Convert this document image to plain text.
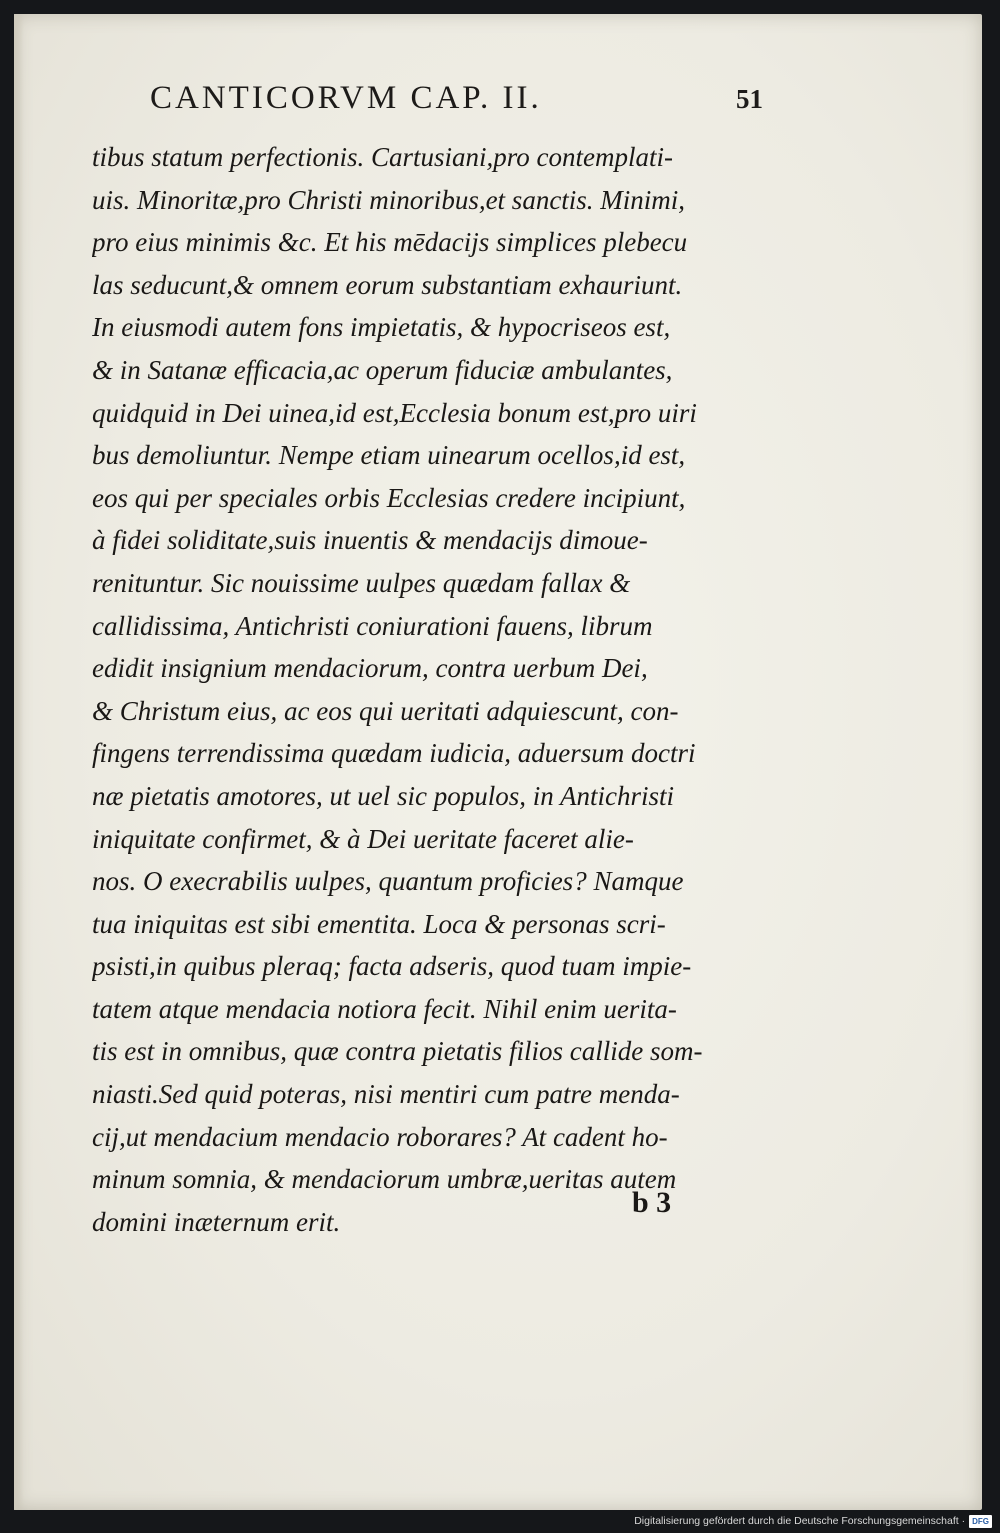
CANTICORVM CAP. II.	51
tibus statum perfectionis. Cartusiani,pro contemplati-
uis. Minoritæ,pro Christi minoribus,et sanctis. Minimi,
pro eius minimis &c. Et his mēdacijs simplices plebecu
las seducunt,& omnem eorum substantiam exhauriunt.
In eiusmodi autem fons impietatis, & hypocriseos est,
& in Satanæ efficacia,ac operum fiduciæ ambulantes,
quidquid in Dei uinea,id est,Ecclesia bonum est,pro uiri
bus demoliuntur. Nempe etiam uinearum ocellos,id est,
eos qui per speciales orbis Ecclesias credere incipiunt,
à fidei soliditate,suis inuentis & mendacijs dimoue-
renituntur. Sic nouissime uulpes quædam fallax &
callidissima, Antichristi coniurationi fauens, librum
edidit insignium mendaciorum, contra uerbum Dei,
& Christum eius, ac eos qui ueritati adquiescunt, con-
fingens terrendissima quædam iudicia, aduersum doctri
næ pietatis amotores, ut uel sic populos, in Antichristi
iniquitate confirmet, & à Dei ueritate faceret alie-
nos. O execrabilis uulpes, quantum proficies? Namque
tua iniquitas est sibi ementita. Loca & personas scri-
psisti,in quibus pleraq; facta adseris, quod tuam impie-
tatem atque mendacia notiora fecit. Nihil enim uerita-
tis est in omnibus, quæ contra pietatis filios callide som-
niasti.Sed quid poteras, nisi mentiri cum patre menda-
cij,ut mendacium mendacio roborares? At cadent ho-
minum somnia, & mendaciorum umbræ,ueritas autem
domini inæternum erit.
b 3
Digitalisierung gefördert durch die Deutsche Forschungsgemeinschaft · DFG
